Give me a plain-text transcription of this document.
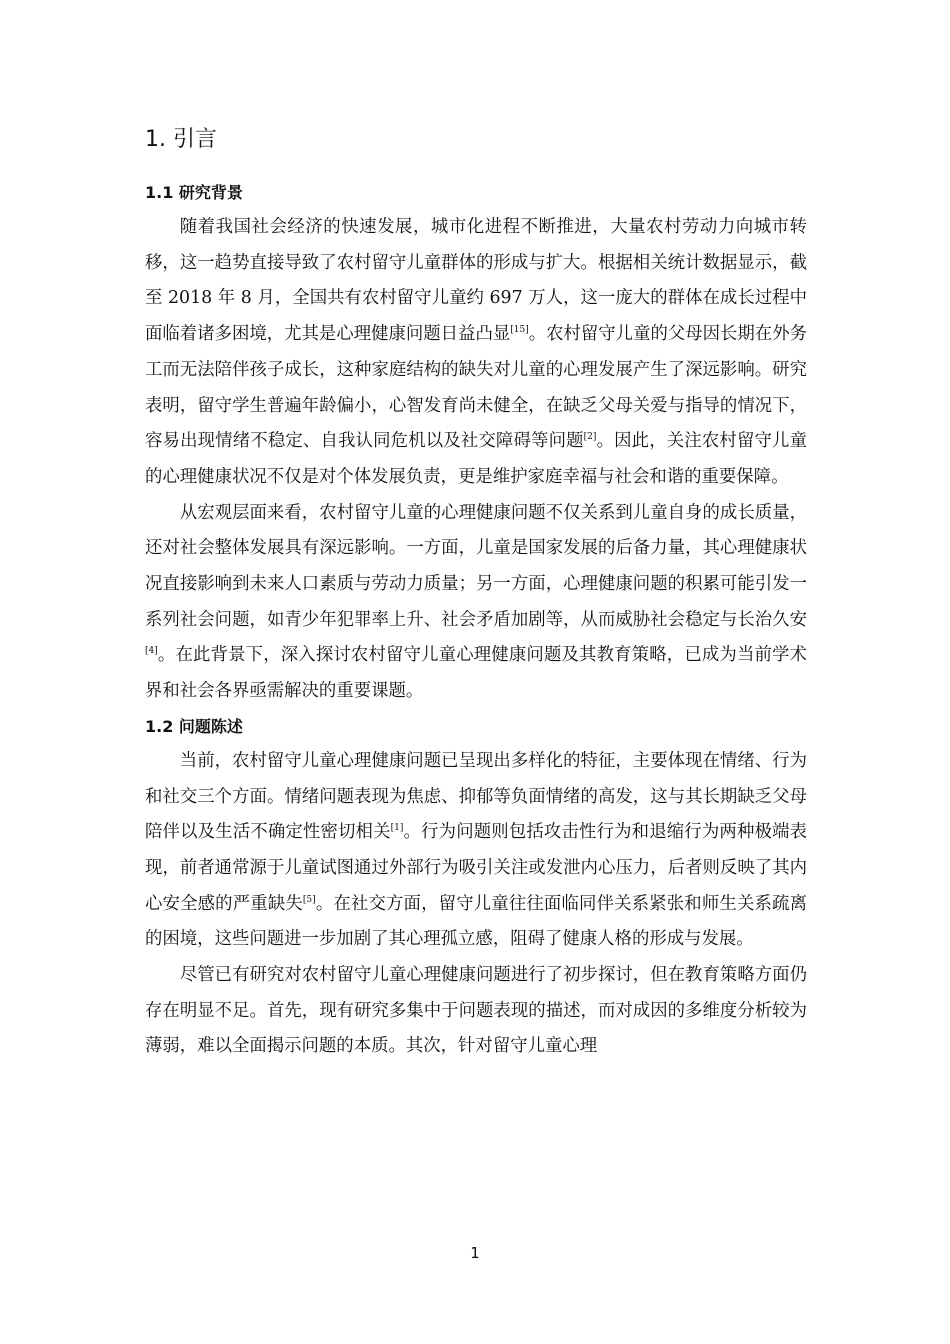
1. 引言
1.1 研究背景

随着我国社会经济的快速发展，城市化进程不断推进，大量农村劳动力向城市转移，这一趋势直接导致了农村留守儿童群体的形成与扩大。根据相关统计数据显示，截至 2018 年 8 月，全国共有农村留守儿童约 697 万人，这一庞大的群体在成长过程中面临着诸多困境，尤其是心理健康问题日益凸显[15]。农村留守儿童的父母因长期在外务工而无法陪伴孩子成长，这种家庭结构的缺失对儿童的心理发展产生了深远影响。研究表明，留守学生普遍年龄偏小，心智发育尚未健全，在缺乏父母关爱与指导的情况下，容易出现情绪不稳定、自我认同危机以及社交障碍等问题[2]。因此，关注农村留守儿童的心理健康状况不仅是对个体发展负责，更是维护家庭幸福与社会和谐的重要保障。

从宏观层面来看，农村留守儿童的心理健康问题不仅关系到儿童自身的成长质量，还对社会整体发展具有深远影响。一方面，儿童是国家发展的后备力量，其心理健康状况直接影响到未来人口素质与劳动力质量；另一方面，心理健康问题的积累可能引发一系列社会问题，如青少年犯罪率上升、社会矛盾加剧等，从而威胁社会稳定与长治久安[4]。在此背景下，深入探讨农村留守儿童心理健康问题及其教育策略，已成为当前学术界和社会各界亟需解决的重要课题。

1.2 问题陈述

当前，农村留守儿童心理健康问题已呈现出多样化的特征，主要体现在情绪、行为和社交三个方面。情绪问题表现为焦虑、抑郁等负面情绪的高发，这与其长期缺乏父母陪伴以及生活不确定性密切相关[1]。行为问题则包括攻击性行为和退缩行为两种极端表现，前者通常源于儿童试图通过外部行为吸引关注或发泄内心压力，后者则反映了其内心安全感的严重缺失[5]。在社交方面，留守儿童往往面临同伴关系紧张和师生关系疏离的困境，这些问题进一步加剧了其心理孤立感，阻碍了健康人格的形成与发展。

尽管已有研究对农村留守儿童心理健康问题进行了初步探讨，但在教育策略方面仍存在明显不足。首先，现有研究多集中于问题表现的描述，而对成因的多维度分析较为薄弱，难以全面揭示问题的本质。其次，针对留守儿童心理

1
